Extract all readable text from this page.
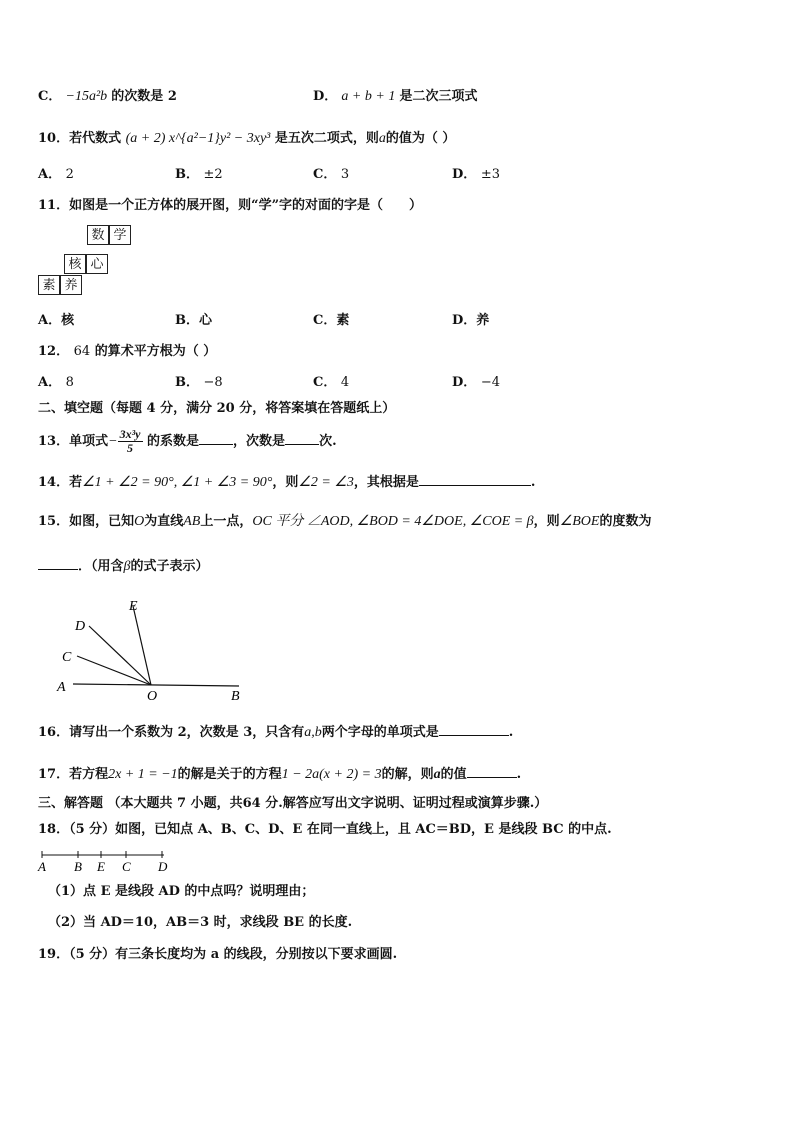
C． −15a²b 的次数是 2	D． a + b + 1 是二次三项式
10．若代数式 (a + 2) x^{a²−1}y² − 3xy³ 是五次二项式，则a的值为（ ）
A． 2	B． ±2	C． 3	D． ±3
11．如图是一个正方体的展开图，则“学”字的对面的字是（　　）
数 学
核 心
素 养
A．核	B．心	C．素	D．养
12． 64 的算术平方根为（ ）
A． 8	B． −8	C． 4	D． −4
二、填空题（每题 4 分，满分 20 分，将答案填在答题纸上）
13．单项式− $\frac{\text{3x³y}}{5}$ 的系数是	，次数是	次.
14．若∠1 + ∠2 = 90°, ∠1 + ∠3 = 90°，则∠2 = ∠3，其根据是	.
15．如图，已知O为直线AB上一点，OC 平分 ∠AOD, ∠BOD = 4∠DOE, ∠COE = β，则∠BOE的度数为
．（用含β的式子表示）
A
O	B
C
D
E
16．请写出一个系数为 2，次数是 3，只含有a,b两个字母的单项式是	.
17．若方程2x + 1 = −1的解是关于的方程1 − 2a(x + 2) = 3的解，则a的值	.
三、解答题 （本大题共 7 小题，共64 分.解答应写出文字说明、证明过程或演算步骤.）
18．（5 分）如图，已知点 A、B、C、D、E 在同一直线上，且 AC＝BD，E 是线段 BC 的中点.
A B E C D
（1）点 E 是线段 AD 的中点吗？说明理由；
（2）当 AD＝10，AB＝3 时，求线段 BE 的长度.
19．（5 分）有三条长度均为 a 的线段，分别按以下要求画圆.
